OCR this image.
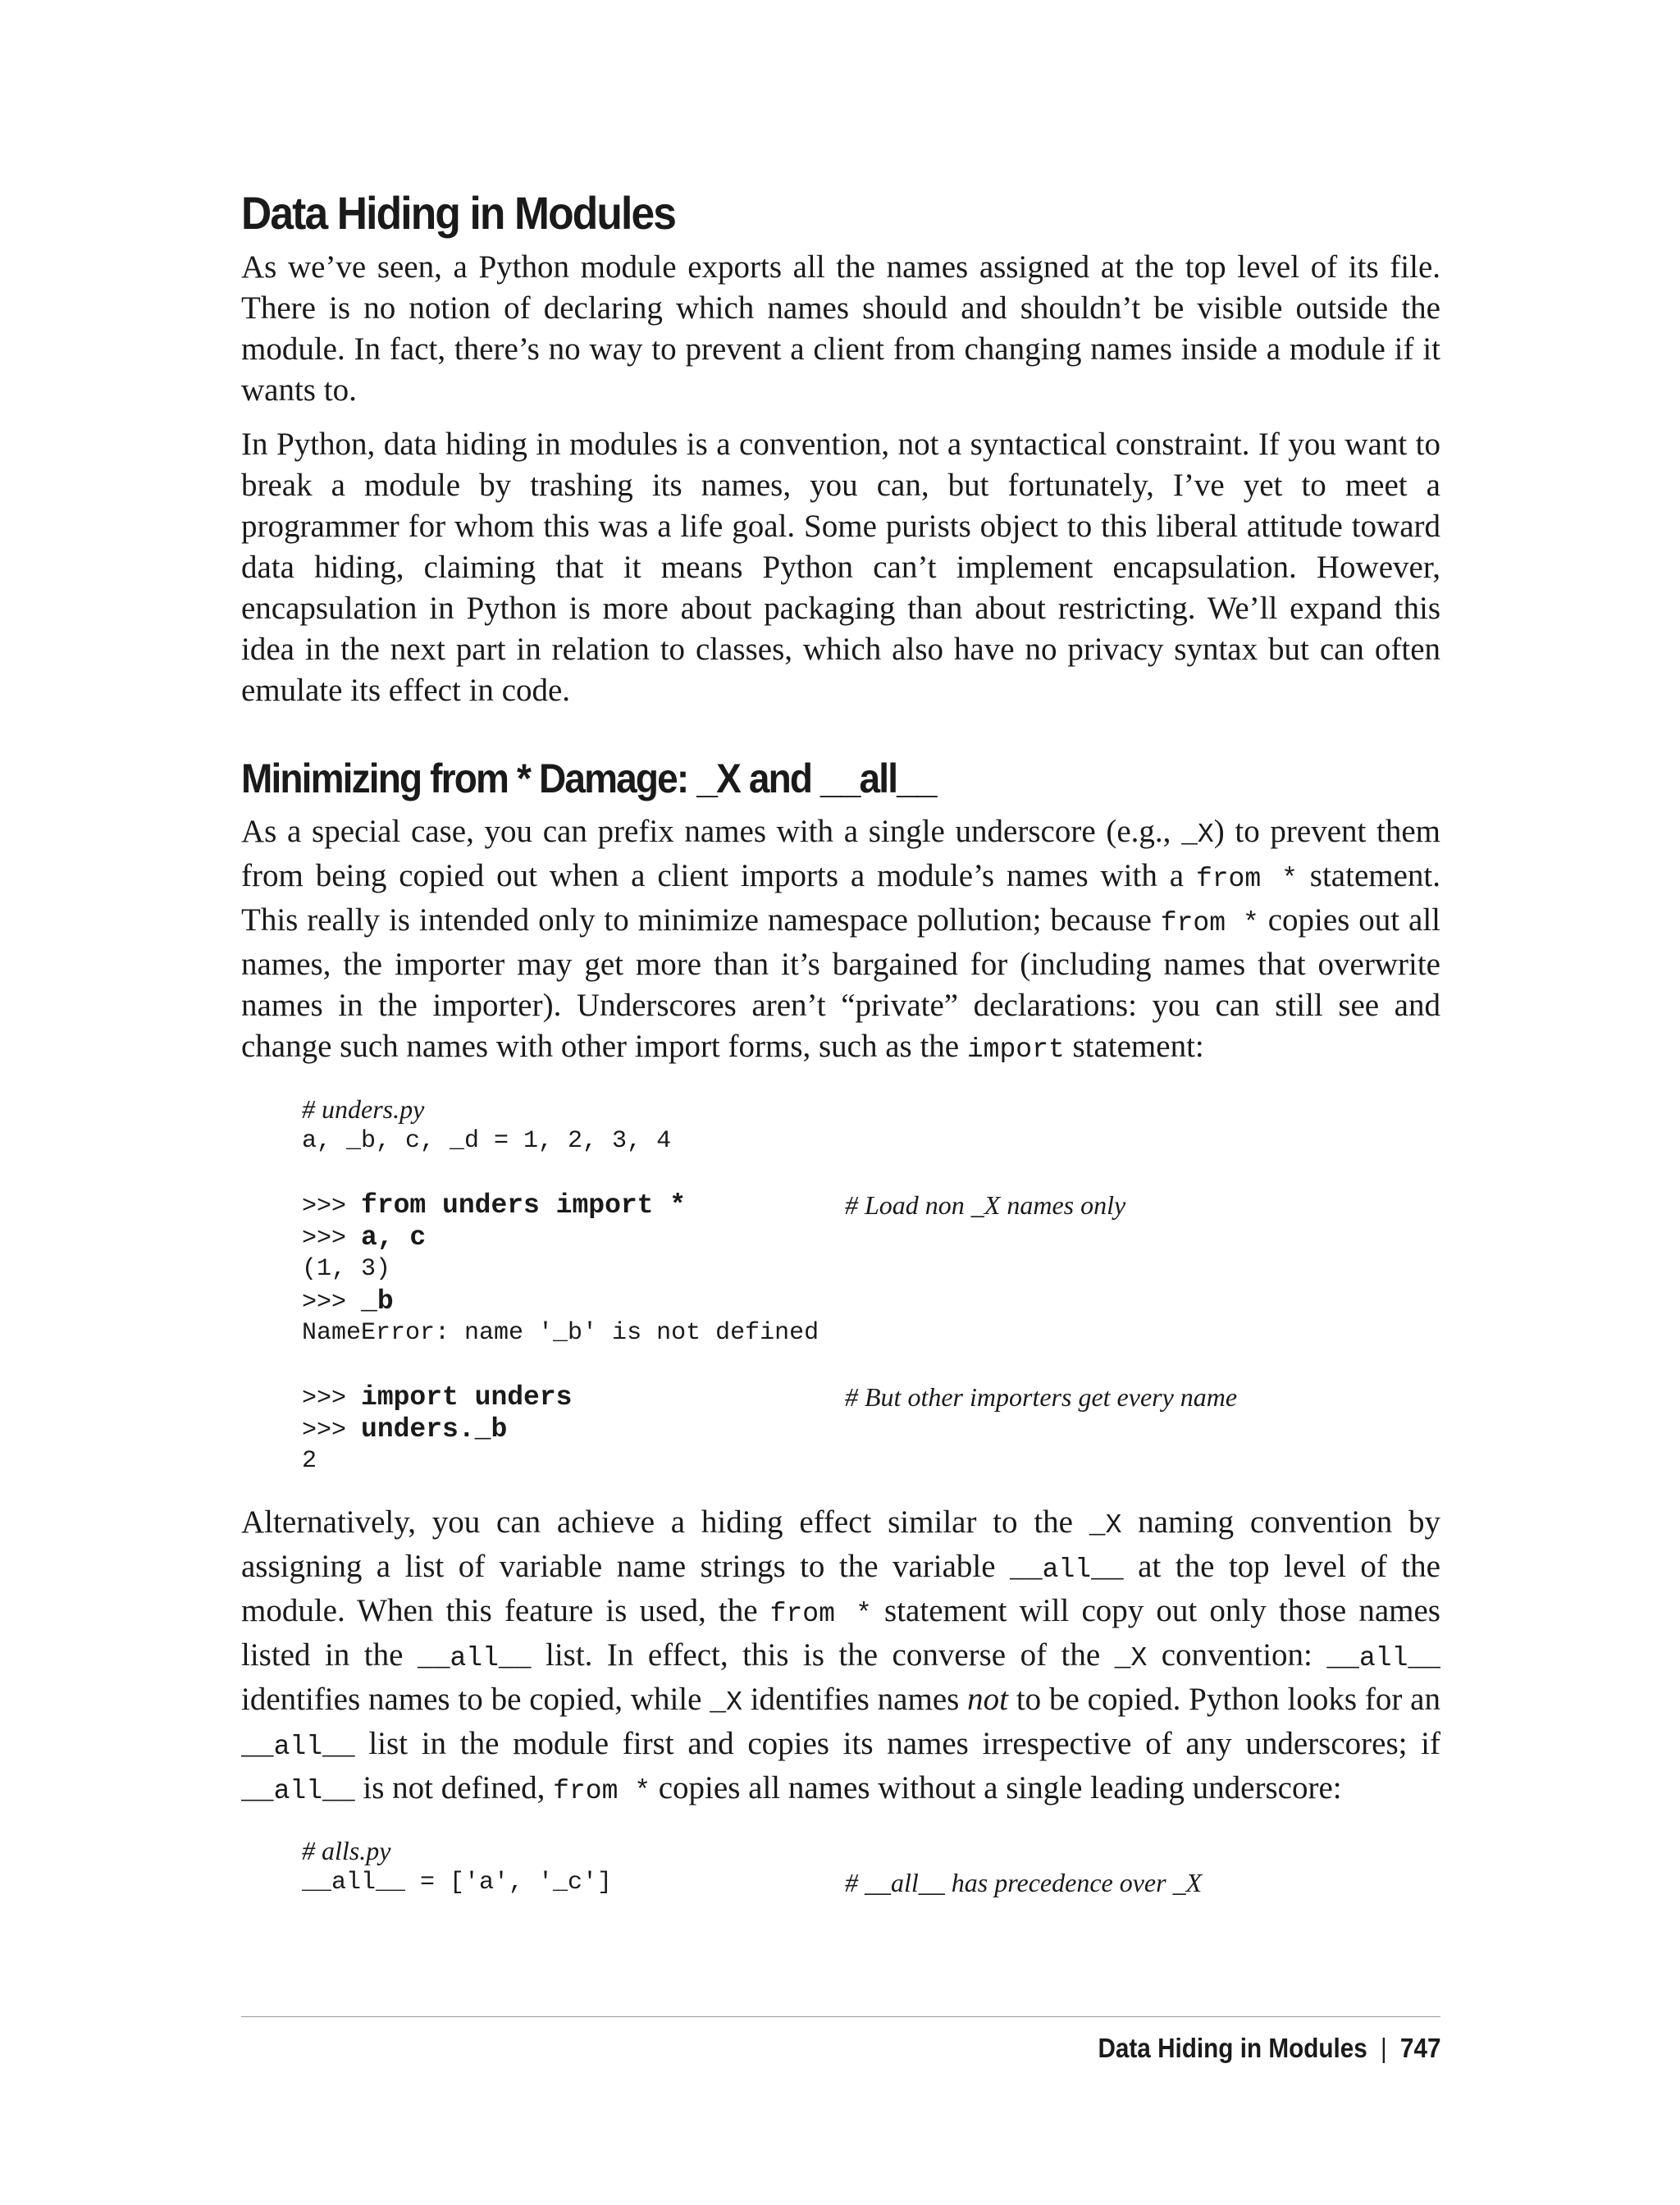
Data Hiding in Modules

As we’ve seen, a Python module exports all the names assigned at the top level of its file. There is no notion of declaring which names should and shouldn’t be visible outside the module. In fact, there’s no way to prevent a client from changing names inside a module if it wants to.

In Python, data hiding in modules is a convention, not a syntactical constraint. If you want to break a module by trashing its names, you can, but fortunately, I’ve yet to meet a programmer for whom this was a life goal. Some purists object to this liberal attitude toward data hiding, claiming that it means Python can’t implement encapsulation. However, encapsulation in Python is more about packaging than about restricting. We’ll expand this idea in the next part in relation to classes, which also have no privacy syntax but can often emulate its effect in code.

Minimizing from * Damage: _X and __all__

As a special case, you can prefix names with a single underscore (e.g., _X) to prevent them from being copied out when a client imports a module’s names with a from * statement. This really is intended only to minimize namespace pollution; because from * copies out all names, the importer may get more than it’s bargained for (including names that overwrite names in the importer). Underscores aren’t “private” declarations: you can still see and change such names with other import forms, such as the import statement:

# unders.py
a, _b, c, _d = 1, 2, 3, 4
>>> from unders import *	# Load non _X names only
>>> a, c
(1, 3)
>>> _b
NameError: name '_b' is not defined
>>> import unders	# But other importers get every name
>>> unders._b
2

Alternatively, you can achieve a hiding effect similar to the _X naming convention by assigning a list of variable name strings to the variable __all__ at the top level of the module. When this feature is used, the from * statement will copy out only those names listed in the __all__ list. In effect, this is the converse of the _X convention: __all__ identifies names to be copied, while _X identifies names not to be copied. Python looks for an __all__ list in the module first and copies its names irrespective of any underscores; if __all__ is not defined, from * copies all names without a single leading underscore:

# alls.py
__all__ = ['a', '_c']	# __all__ has precedence over _X
Data Hiding in Modules | 747
